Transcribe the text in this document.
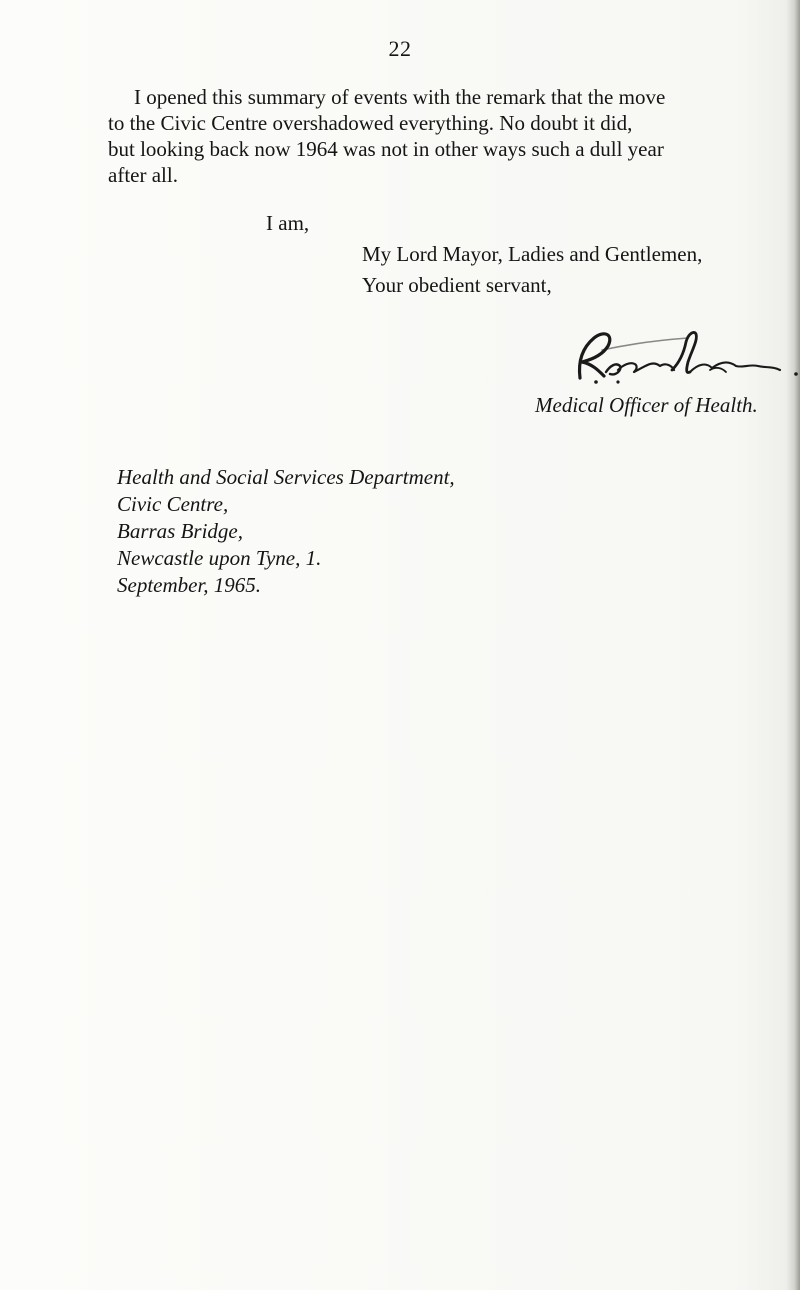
22

I opened this summary of events with the remark that the move
to the Civic Centre overshadowed everything. No doubt it did,
but looking back now 1964 was not in other ways such a dull year
after all.

I am,
My Lord Mayor, Ladies and Gentlemen,
Your obedient servant,
Medical Officer of Health.
Health and Social Services Department,
Civic Centre,
Barras Bridge,
Newcastle upon Tyne, 1.
September, 1965.
